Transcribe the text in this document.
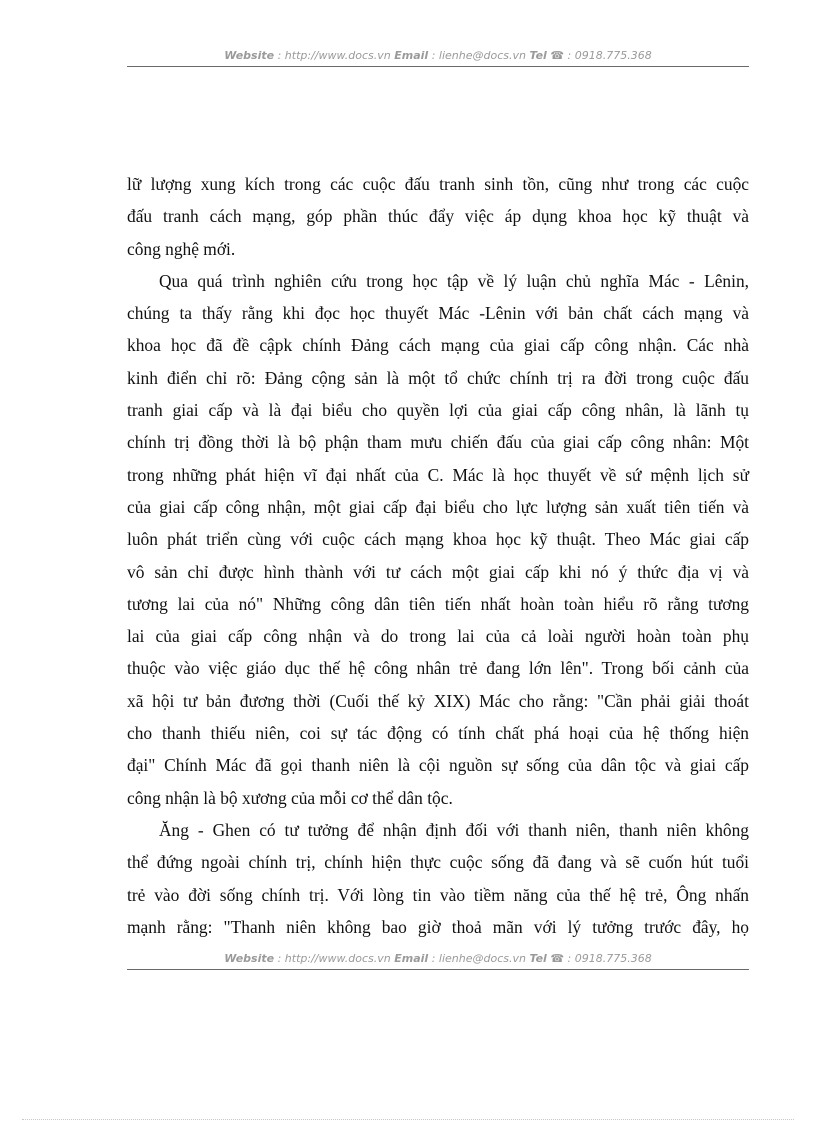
Website : http://www.docs.vn Email : lienhe@docs.vn Tel ☎ : 0918.775.368
lữ lượng xung kích trong các cuộc đấu tranh sinh tồn, cũng như trong các cuộc
đấu tranh cách mạng, góp phần thúc đẩy việc áp dụng khoa học kỹ thuật và
công nghệ mới.
Qua quá trình nghiên cứu trong học tập về lý luận chủ nghĩa Mác - Lênin,
chúng ta thấy rằng khi đọc học thuyết Mác -Lênin với bản chất cách mạng và
khoa học đã đề cậpk chính Đảng cách mạng của giai cấp công nhận. Các nhà
kinh điển chỉ rõ: Đảng cộng sản là một tổ chức chính trị ra đời trong cuộc đấu
tranh giai cấp và là đại biểu cho quyền lợi của giai cấp công nhân, là lãnh tụ
chính trị đồng thời là bộ phận tham mưu chiến đấu của giai cấp công nhân: Một
trong những phát hiện vĩ đại nhất của C. Mác là học thuyết về sứ mệnh lịch sử
của giai cấp công nhận, một giai cấp đại biểu cho lực lượng sản xuất tiên tiến và
luôn phát triển cùng với cuộc cách mạng khoa học kỹ thuật. Theo Mác giai cấp
vô sản chỉ được hình thành với tư cách một giai cấp khi nó ý thức địa vị và
tương lai của nó" Những công dân tiên tiến nhất hoàn toàn hiểu rõ rằng tương
lai của giai cấp công nhận và do trong lai của cả loài người hoàn toàn phụ
thuộc vào việc giáo dục thế hệ công nhân trẻ đang lớn lên". Trong bối cảnh của
xã hội tư bản đương thời (Cuối thế kỷ XIX) Mác cho rằng: "Cần phải giải thoát
cho thanh thiếu niên, coi sự tác động có tính chất phá hoại của hệ thống hiện
đại" Chính Mác đã gọi thanh niên là cội nguồn sự sống của dân tộc và giai cấp
công nhận là bộ xương của mỗi cơ thể dân tộc.
Ăng - Ghen có tư tưởng để nhận định đối với thanh niên, thanh niên không
thể đứng ngoài chính trị, chính hiện thực cuộc sống đã đang và sẽ cuốn hút tuổi
trẻ vào đời sống chính trị. Với lòng tin vào tiềm năng của thế hệ trẻ, Ông nhấn
mạnh rằng: "Thanh niên không bao giờ thoả mãn với lý tưởng trước đây, họ
Website : http://www.docs.vn Email : lienhe@docs.vn Tel ☎ : 0918.775.368
